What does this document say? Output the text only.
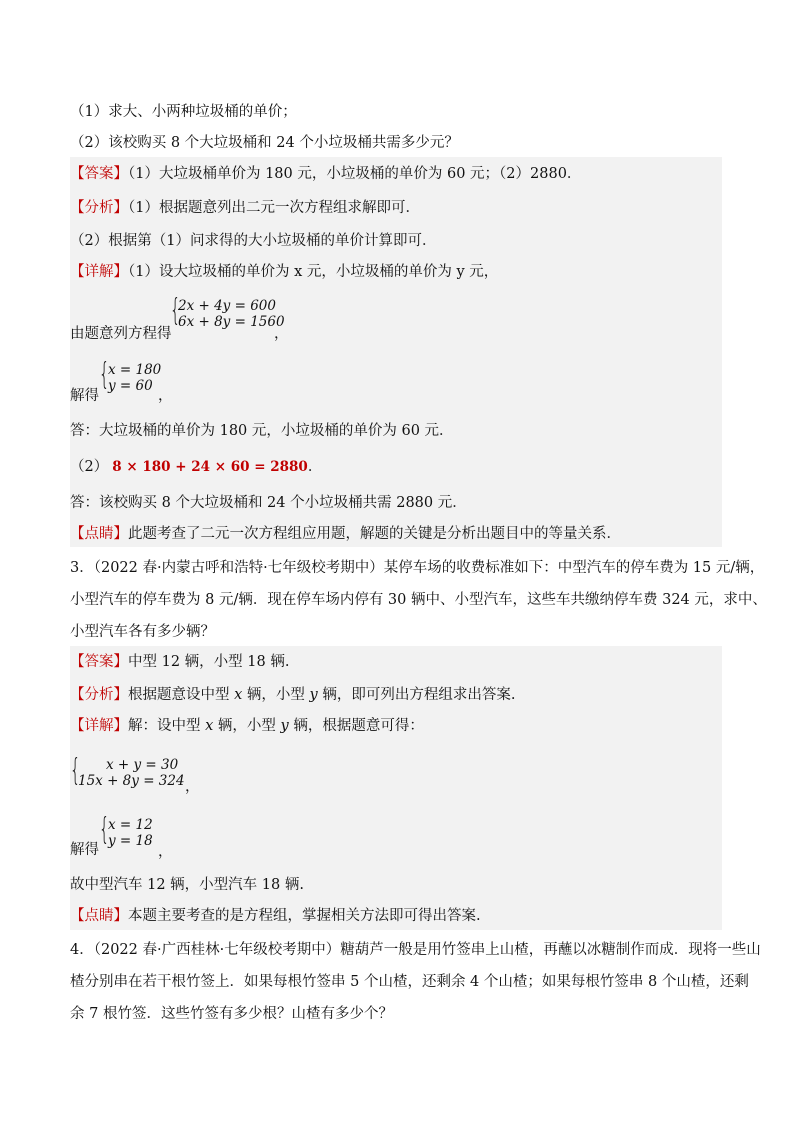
（1）求大、小两种垃圾桶的单价；
（2）该校购买 8 个大垃圾桶和 24 个小垃圾桶共需多少元？
【答案】（1）大垃圾桶单价为 180 元，小垃圾桶的单价为 60 元；（2）2880．
【分析】（1）根据题意列出二元一次方程组求解即可．
（2）根据第（1）问求得的大小垃圾桶的单价计算即可．
【详解】（1）设大垃圾桶的单价为 x 元，小垃圾桶的单价为 y 元，
由题意列方程得
{
2x + 4y = 600
6x + 8y = 1560
，
解得
{
x = 180
y = 60
，
答：大垃圾桶的单价为 180 元，小垃圾桶的单价为 60 元．
（2） 8 × 180 + 24 × 60 = 2880．
答：该校购买 8 个大垃圾桶和 24 个小垃圾桶共需 2880 元．
【点睛】此题考查了二元一次方程组应用题，解题的关键是分析出题目中的等量关系．
3．（2022 春·内蒙古呼和浩特·七年级校考期中）某停车场的收费标准如下：中型汽车的停车费为 15 元/辆，
小型汽车的停车费为 8 元/辆．现在停车场内停有 30 辆中、小型汽车，这些车共缴纳停车费 324 元，求中、
小型汽车各有多少辆？
【答案】中型 12 辆，小型 18 辆.
【分析】根据题意设中型 x 辆，小型 y 辆，即可列出方程组求出答案.
【详解】解：设中型 x 辆，小型 y 辆，根据题意可得：
{	x + y = 30
15x + 8y = 324 ，
解得
{
x = 12
y = 18
，
故中型汽车 12 辆，小型汽车 18 辆.
【点睛】本题主要考查的是方程组，掌握相关方法即可得出答案.
4．（2022 春·广西桂林·七年级校考期中）糖葫芦一般是用竹签串上山楂，再蘸以冰糖制作而成．现将一些山
楂分别串在若干根竹签上．如果每根竹签串 5 个山楂，还剩余 4 个山楂；如果每根竹签串 8 个山楂，还剩
余 7 根竹签．这些竹签有多少根？山楂有多少个？
